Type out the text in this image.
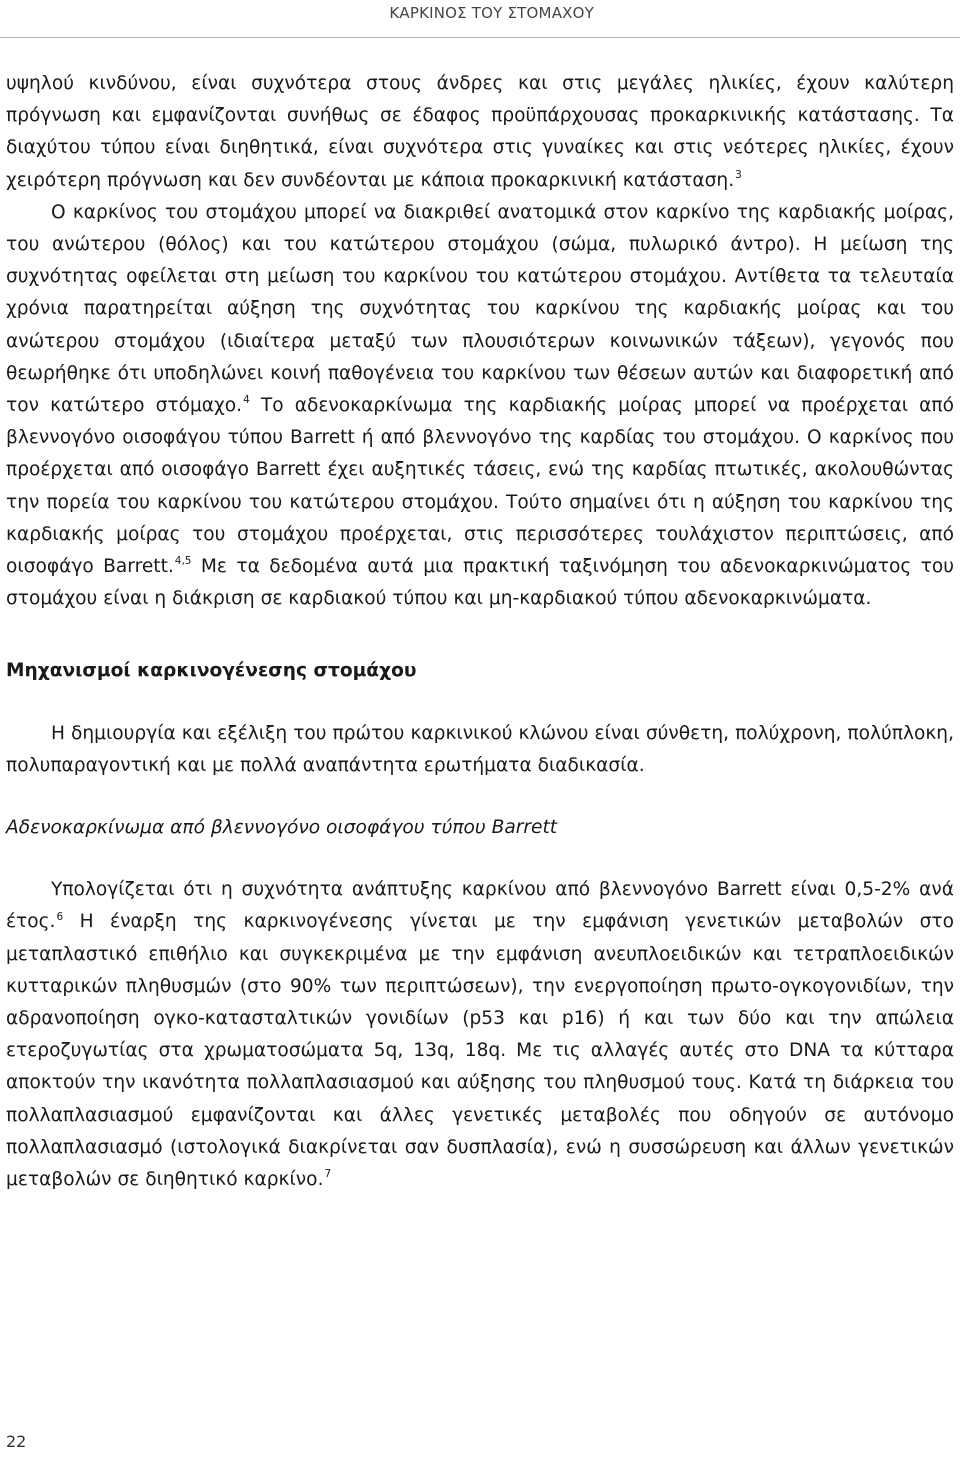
ΚΑΡΚΙΝΟΣ ΤΟΥ ΣΤΟΜΑΧΟΥ

υψηλού κινδύνου, είναι συχνότερα στους άνδρες και στις μεγάλες ηλικίες, έχουν καλύτερη πρόγνωση και εμφανίζονται συνήθως σε έδαφος προϋπάρχουσας προκαρκινικής κατάστασης. Τα διαχύτου τύπου είναι διηθητικά, είναι συχνότερα στις γυναίκες και στις νεότερες ηλικίες, έχουν χειρότερη πρόγνωση και δεν συνδέονται με κάποια προκαρκινική κατάσταση.$^3$

Ο καρκίνος του στομάχου μπορεί να διακριθεί ανατομικά στον καρκίνο της καρδιακής μοίρας, του ανώτερου (θόλος) και του κατώτερου στομάχου (σώμα, πυλωρικό άντρο). Η μείωση της συχνότητας οφείλεται στη μείωση του καρκίνου του κατώτερου στομάχου. Αντίθετα τα τελευταία χρόνια παρατηρείται αύξηση της συχνότητας του καρκίνου της καρδιακής μοίρας και του ανώτερου στομάχου (ιδιαίτερα μεταξύ των πλουσιότερων κοινωνικών τάξεων), γεγονός που θεωρήθηκε ότι υποδηλώνει κοινή παθογένεια του καρκίνου των θέσεων αυτών και διαφορετική από τον κατώτερο στόμαχο.$^4$ Το αδενοκαρκίνωμα της καρδιακής μοίρας μπορεί να προέρχεται από βλεννογόνο οισοφάγου τύπου Barrett ή από βλεννογόνο της καρδίας του στομάχου. Ο καρκίνος που προέρχεται από οισοφάγο Barrett έχει αυξητικές τάσεις, ενώ της καρδίας πτωτικές, ακολουθώντας την πορεία του καρκίνου του κατώτερου στομάχου. Τούτο σημαίνει ότι η αύξηση του καρκίνου της καρδιακής μοίρας του στομάχου προέρχεται, στις περισσότερες τουλάχιστον περιπτώσεις, από οισοφάγο Barrett.$^{4,5}$ Με τα δεδομένα αυτά μια πρακτική ταξινόμηση του αδενοκαρκινώματος του στομάχου είναι η διάκριση σε καρδιακού τύπου και μη-καρδιακού τύπου αδενοκαρκινώματα.

Μηχανισμοί καρκινογένεσης στομάχου

Η δημιουργία και εξέλιξη του πρώτου καρκινικού κλώνου είναι σύνθετη, πολύχρονη, πολύπλοκη, πολυπαραγοντική και με πολλά αναπάντητα ερωτήματα διαδικασία.

Αδενοκαρκίνωμα από βλεννογόνο οισοφάγου τύπου Barrett

Υπολογίζεται ότι η συχνότητα ανάπτυξης καρκίνου από βλεννογόνο Barrett είναι 0,5-2% ανά έτος.$^6$ Η έναρξη της καρκινογένεσης γίνεται με την εμφάνιση γενετικών μεταβολών στο μεταπλαστικό επιθήλιο και συγκεκριμένα με την εμφάνιση ανευπλοειδικών και τετραπλοειδικών κυτταρικών πληθυσμών (στο 90% των περιπτώσεων), την ενεργοποίηση πρωτο-ογκογονιδίων, την αδρανοποίηση ογκο-κατασταλτικών γονιδίων (p53 και p16) ή και των δύο και την απώλεια ετεροζυγωτίας στα χρωματοσώματα 5q, 13q, 18q. Με τις αλλαγές αυτές στο DNA τα κύτταρα αποκτούν την ικανότητα πολλαπλασιασμού και αύξησης του πληθυσμού τους. Κατά τη διάρκεια του πολλαπλασιασμού εμφανίζονται και άλλες γενετικές μεταβολές που οδηγούν σε αυτόνομο πολλαπλασιασμό (ιστολογικά διακρίνεται σαν δυσπλασία), ενώ η συσσώρευση και άλλων γενετικών μεταβολών σε διηθητικό καρκίνο.$^7$

22
